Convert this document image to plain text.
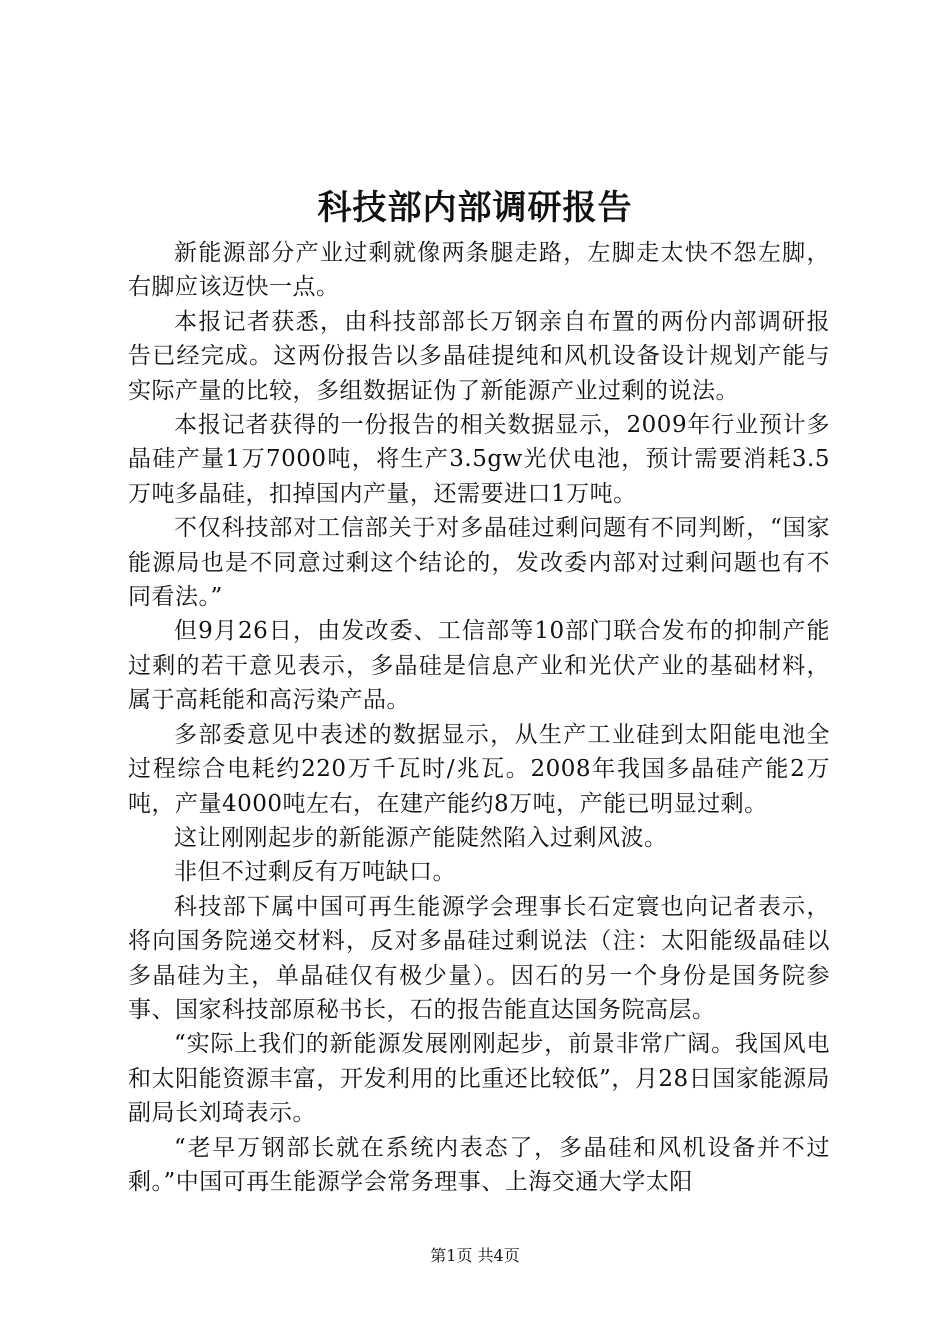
科技部内部调研报告

新能源部分产业过剩就像两条腿走路，左脚走太快不怨左脚，右脚应该迈快一点。

本报记者获悉，由科技部部长万钢亲自布置的两份内部调研报告已经完成。这两份报告以多晶硅提纯和风机设备设计规划产能与实际产量的比较，多组数据证伪了新能源产业过剩的说法。

本报记者获得的一份报告的相关数据显示，2009年行业预计多晶硅产量1万7000吨，将生产3.5gw光伏电池，预计需要消耗3.5万吨多晶硅，扣掉国内产量，还需要进口1万吨。

不仅科技部对工信部关于对多晶硅过剩问题有不同判断，“国家能源局也是不同意过剩这个结论的，发改委内部对过剩问题也有不同看法。”

但9月26日，由发改委、工信部等10部门联合发布的抑制产能过剩的若干意见表示，多晶硅是信息产业和光伏产业的基础材料，属于高耗能和高污染产品。

多部委意见中表述的数据显示，从生产工业硅到太阳能电池全过程综合电耗约220万千瓦时/兆瓦。2008年我国多晶硅产能2万吨，产量4000吨左右，在建产能约8万吨，产能已明显过剩。

这让刚刚起步的新能源产能陡然陷入过剩风波。

非但不过剩反有万吨缺口。

科技部下属中国可再生能源学会理事长石定寰也向记者表示，将向国务院递交材料，反对多晶硅过剩说法（注：太阳能级晶硅以多晶硅为主，单晶硅仅有极少量）。因石的另一个身份是国务院参事、国家科技部原秘书长，石的报告能直达国务院高层。

“实际上我们的新能源发展刚刚起步，前景非常广阔。我国风电和太阳能资源丰富，开发利用的比重还比较低”，月28日国家能源局副局长刘琦表示。

“老早万钢部长就在系统内表态了，多晶硅和风机设备并不过剩。”中国可再生能源学会常务理事、上海交通大学太阳

第1页 共4页
